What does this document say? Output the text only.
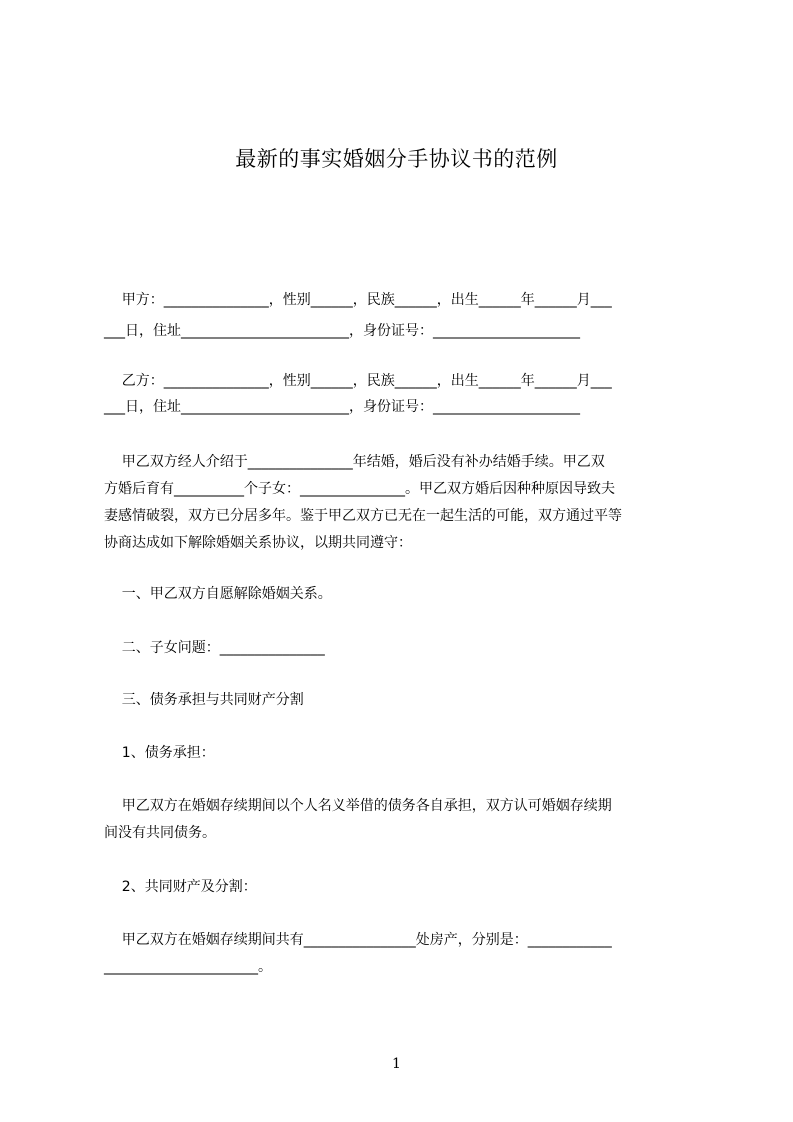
最新的事实婚姻分手协议书的范例
甲方：_______________，性别______，民族______，出生______年______月___
___日，住址________________________，身份证号：_____________________
乙方：_______________，性别______，民族______，出生______年______月___
___日，住址________________________，身份证号：_____________________
甲乙双方经人介绍于_______________年结婚，婚后没有补办结婚手续。甲乙双
方婚后育有__________个子女：_______________。甲乙双方婚后因种种原因导致夫
妻感情破裂，双方已分居多年。鉴于甲乙双方已无在一起生活的可能，双方通过平等
协商达成如下解除婚姻关系协议，以期共同遵守：
一、甲乙双方自愿解除婚姻关系。
二、子女问题：_______________
三、债务承担与共同财产分割
1、债务承担：
甲乙双方在婚姻存续期间以个人名义举借的债务各自承担，双方认可婚姻存续期
间没有共同债务。
2、共同财产及分割：
甲乙双方在婚姻存续期间共有________________处房产，分别是：____________
______________________。
1
